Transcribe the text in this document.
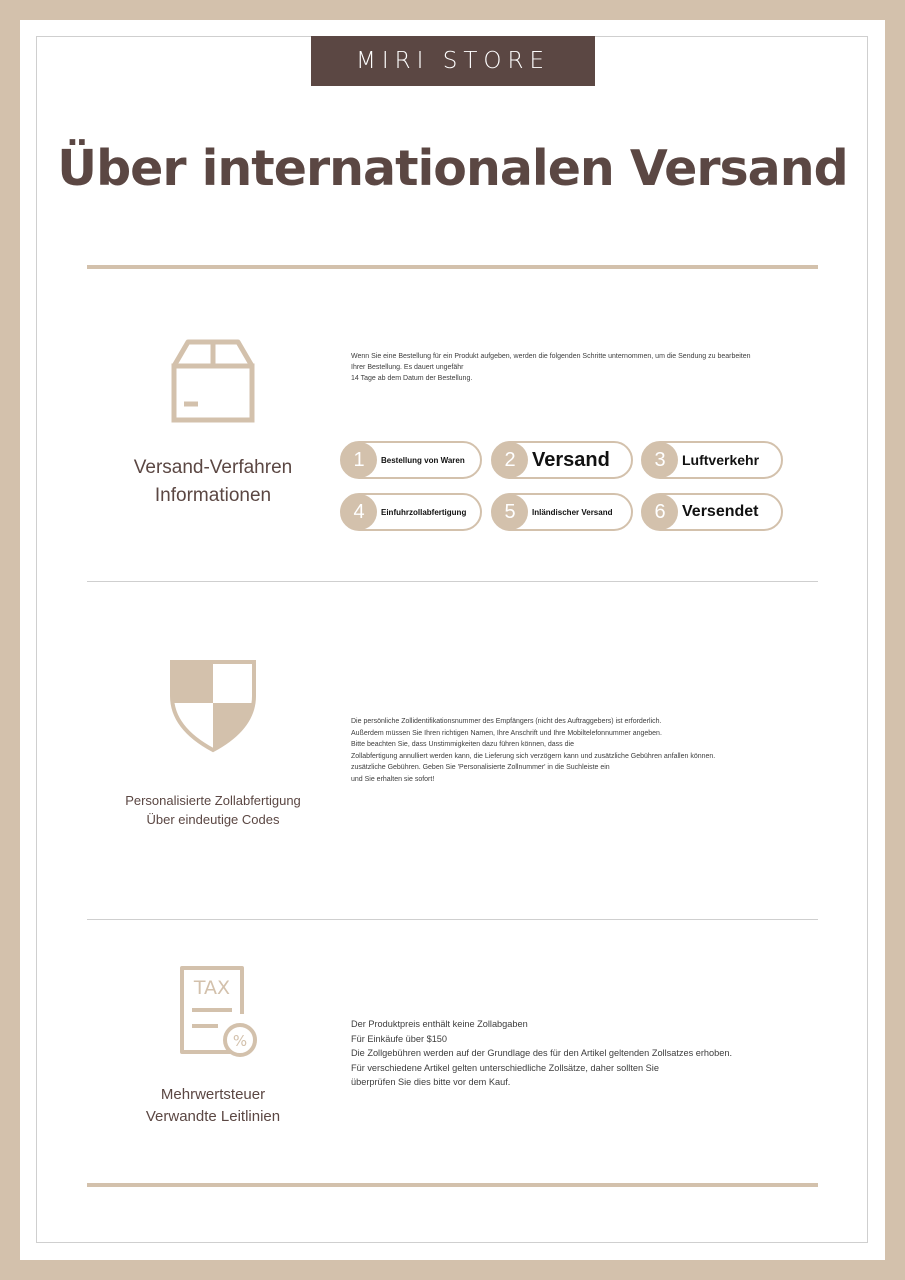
MIRI STORE
Über internationalen Versand
Versand-Verfahren
Informationen
Wenn Sie eine Bestellung für ein Produkt aufgeben, werden die folgenden Schritte unternommen, um die Sendung zu bearbeiten
Ihrer Bestellung. Es dauert ungefähr
14 Tage ab dem Datum der Bestellung.
1	Bestellung von Waren	2 Versand	3	Luftverkehr
4	Einfuhrzollabfertigung	5	Inländischer Versand	6	Versendet
Personalisierte Zollabfertigung
Über eindeutige Codes
Die persönliche Zollidentifikationsnummer des Empfängers (nicht des Auftraggebers) ist erforderlich.
Außerdem müssen Sie Ihren richtigen Namen, Ihre Anschrift und Ihre Mobiltelefonnummer angeben.
Bitte beachten Sie, dass Unstimmigkeiten dazu führen können, dass die
Zollabfertigung annulliert werden kann, die Lieferung sich verzögern kann und zusätzliche Gebühren anfallen können.
zusätzliche Gebühren. Geben Sie 'Personalisierte Zollnummer' in die Suchleiste ein
und Sie erhalten sie sofort!
TAX
%
Mehrwertsteuer
Verwandte Leitlinien
Der Produktpreis enthält keine Zollabgaben
Für Einkäufe über $150
Die Zollgebühren werden auf der Grundlage des für den Artikel geltenden Zollsatzes erhoben.
Für verschiedene Artikel gelten unterschiedliche Zollsätze, daher sollten Sie
überprüfen Sie dies bitte vor dem Kauf.
